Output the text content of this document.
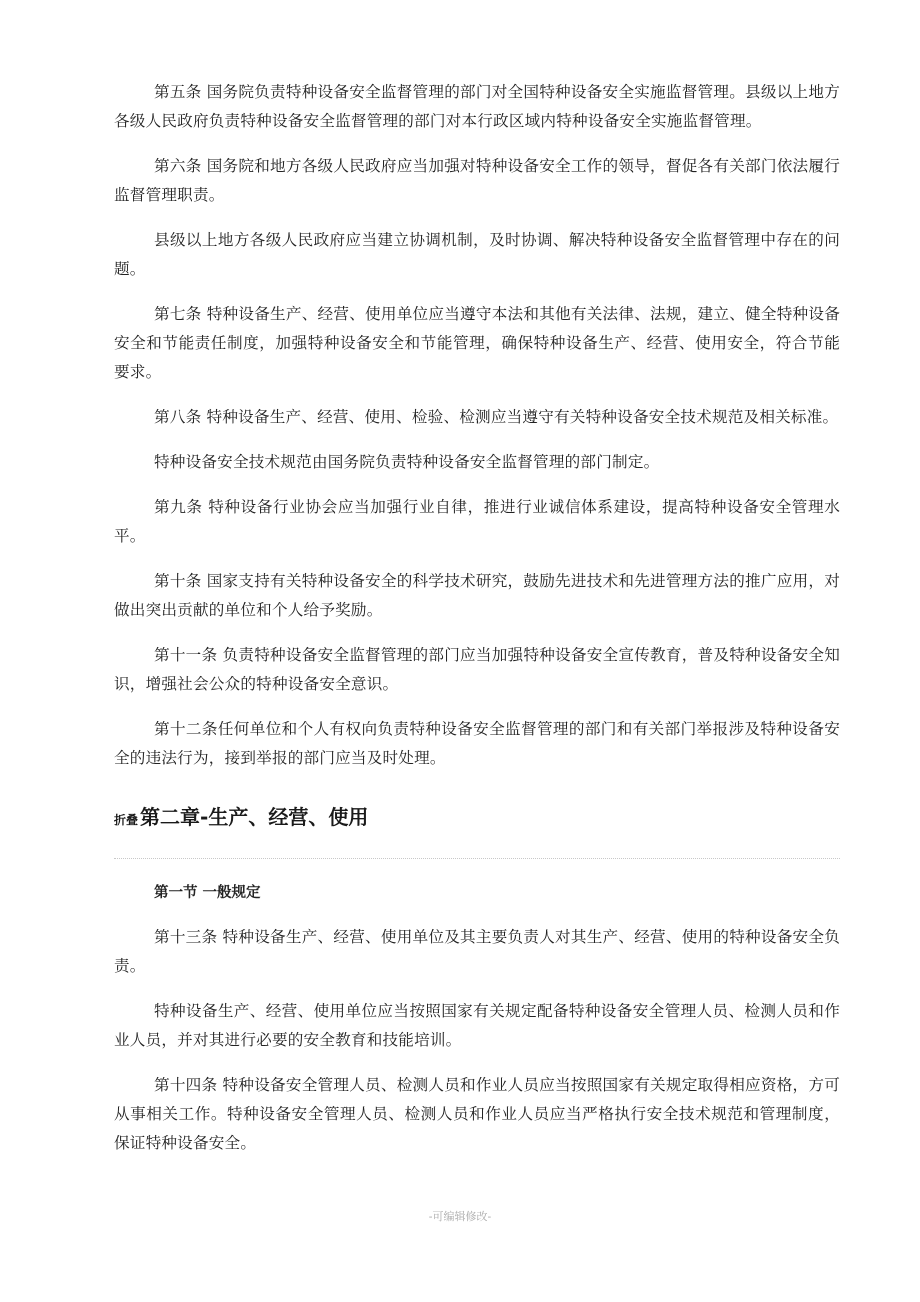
第五条 国务院负责特种设备安全监督管理的部门对全国特种设备安全实施监督管理。县级以上地方各级人民政府负责特种设备安全监督管理的部门对本行政区域内特种设备安全实施监督管理。

第六条 国务院和地方各级人民政府应当加强对特种设备安全工作的领导，督促各有关部门依法履行监督管理职责。

县级以上地方各级人民政府应当建立协调机制，及时协调、解决特种设备安全监督管理中存在的问题。

第七条 特种设备生产、经营、使用单位应当遵守本法和其他有关法律、法规，建立、健全特种设备安全和节能责任制度，加强特种设备安全和节能管理，确保特种设备生产、经营、使用安全，符合节能要求。

第八条 特种设备生产、经营、使用、检验、检测应当遵守有关特种设备安全技术规范及相关标准。

特种设备安全技术规范由国务院负责特种设备安全监督管理的部门制定。

第九条 特种设备行业协会应当加强行业自律，推进行业诚信体系建设，提高特种设备安全管理水平。

第十条 国家支持有关特种设备安全的科学技术研究，鼓励先进技术和先进管理方法的推广应用，对做出突出贡献的单位和个人给予奖励。

第十一条 负责特种设备安全监督管理的部门应当加强特种设备安全宣传教育，普及特种设备安全知识，增强社会公众的特种设备安全意识。

第十二条任何单位和个人有权向负责特种设备安全监督管理的部门和有关部门举报涉及特种设备安全的违法行为，接到举报的部门应当及时处理。

折叠 第二章-生产、经营、使用

第一节 一般规定

第十三条 特种设备生产、经营、使用单位及其主要负责人对其生产、经营、使用的特种设备安全负责。

特种设备生产、经营、使用单位应当按照国家有关规定配备特种设备安全管理人员、检测人员和作业人员，并对其进行必要的安全教育和技能培训。

第十四条 特种设备安全管理人员、检测人员和作业人员应当按照国家有关规定取得相应资格，方可从事相关工作。特种设备安全管理人员、检测人员和作业人员应当严格执行安全技术规范和管理制度，保证特种设备安全。

-可编辑修改-
